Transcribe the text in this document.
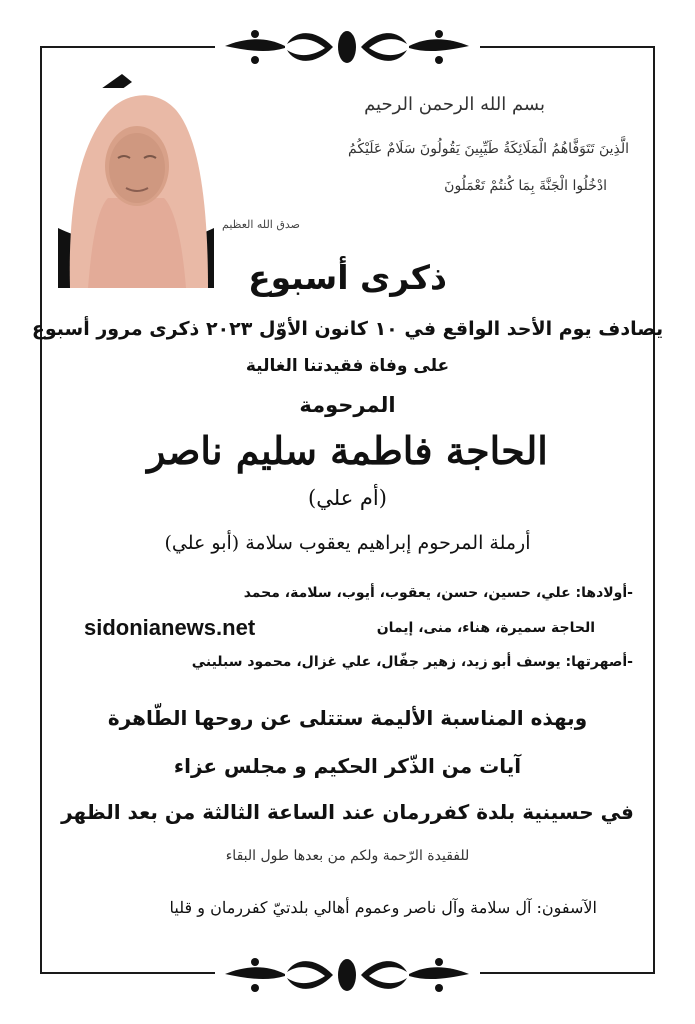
بسم الله الرحمن الرحيم
الَّذِينَ تَتَوَفَّاهُمُ الْمَلَائِكَةُ طَيِّبِينَ يَقُولُونَ سَلَامٌ عَلَيْكُمُ
ادْخُلُوا الْجَنَّةَ بِمَا كُنتُمْ تَعْمَلُونَ
صدق الله العظيم
ذكرى أسبوع
يصادف يوم الأحد الواقع في ١٠ كانون الأوّل ٢٠٢٣ ذكرى مرور أسبوع
على وفاة فقيدتنا الغالية
المرحومة
الحاجة فاطمة سليم ناصر
(أم علي)
أرملة المرحوم إبراهيم يعقوب سلامة (أبو علي)
-أولادها: علي، حسين، حسن، يعقوب، أيوب، سلامة، محمد
sidonianews.net	الحاجة سميرة، هناء، منى، إيمان
-أصهرتها: يوسف أبو زيد، زهير جفّال، علي غزال، محمود سبليني
وبهذه المناسبة الأليمة ستتلى عن روحها الطّاهرة
آيات من الذّكر الحكيم و مجلس عزاء
في حسينية بلدة كفررمان عند الساعة الثالثة من بعد الظهر
للفقيدة الرّحمة ولكم من بعدها طول البقاء
الآسفون: آل سلامة وآل ناصر وعموم أهالي بلدتيّ كفررمان و قليا
